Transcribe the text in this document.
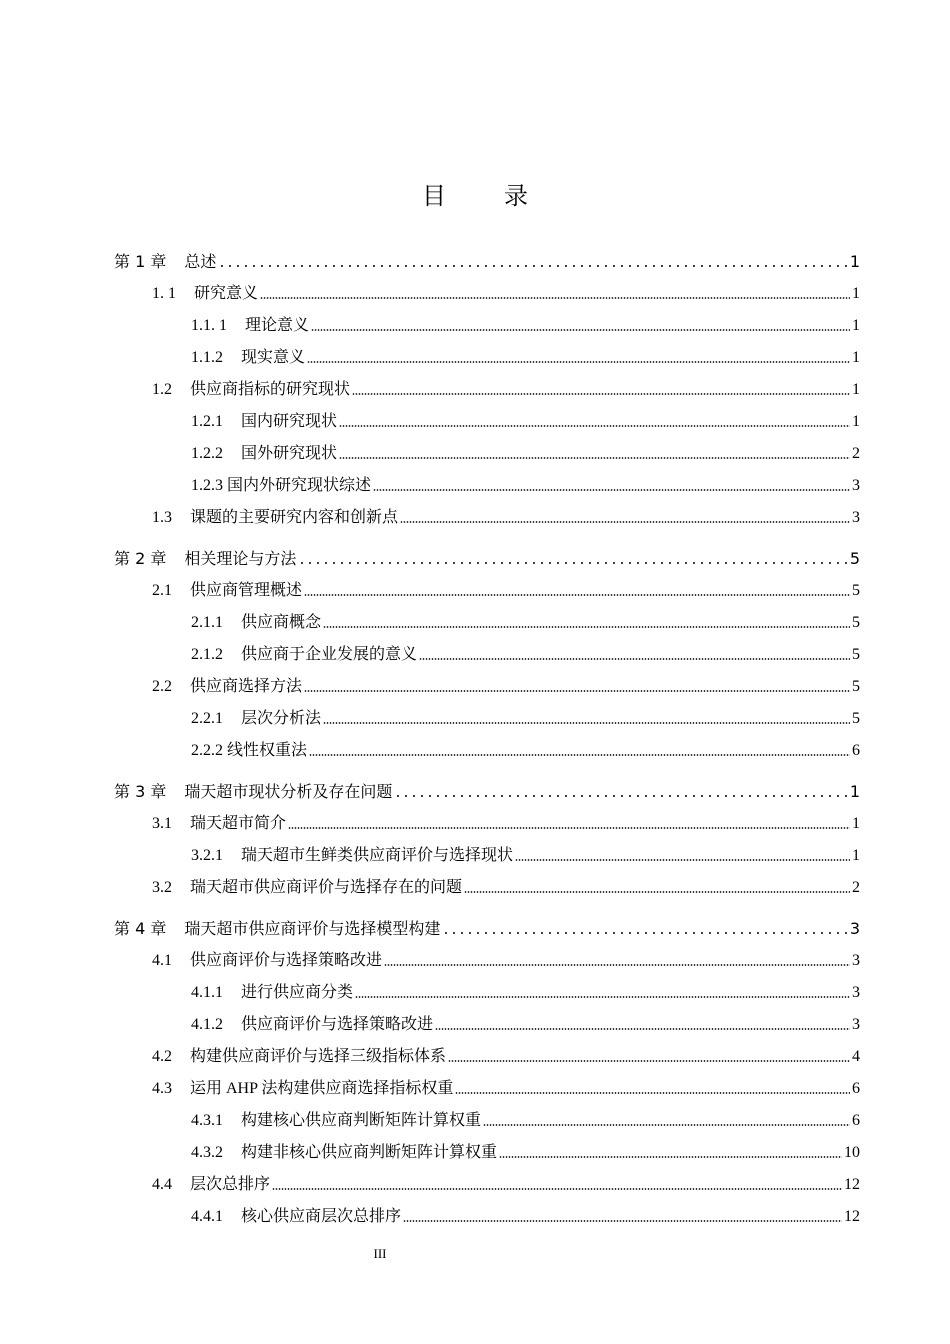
目 录
第 1 章 总述	1
1. 1 研究意义	1
1.1. 1 理论意义	1
1.1.2 现实意义	1
1.2 供应商指标的研究现状	1
1.2.1 国内研究现状	1
1.2.2 国外研究现状	2
1.2.3 国内外研究现状综述	3
1.3 课题的主要研究内容和创新点	3
第 2 章 相关理论与方法	5
2.1 供应商管理概述	5
2.1.1 供应商概念	5
2.1.2 供应商于企业发展的意义	5
2.2 供应商选择方法	5
2.2.1 层次分析法	5
2.2.2 线性权重法	6
第 3 章 瑞天超市现状分析及存在问题	1
3.1 瑞天超市简介	1
3.2.1 瑞天超市生鲜类供应商评价与选择现状	1
3.2 瑞天超市供应商评价与选择存在的问题	2
第 4 章 瑞天超市供应商评价与选择模型构建	3
4.1 供应商评价与选择策略改进	3
4.1.1 进行供应商分类	3
4.1.2 供应商评价与选择策略改进	3
4.2 构建供应商评价与选择三级指标体系	4
4.3 运用 AHP 法构建供应商选择指标权重	6
4.3.1 构建核心供应商判断矩阵计算权重	6
4.3.2 构建非核心供应商判断矩阵计算权重	10
4.4 层次总排序	12
4.4.1 核心供应商层次总排序	12
III
